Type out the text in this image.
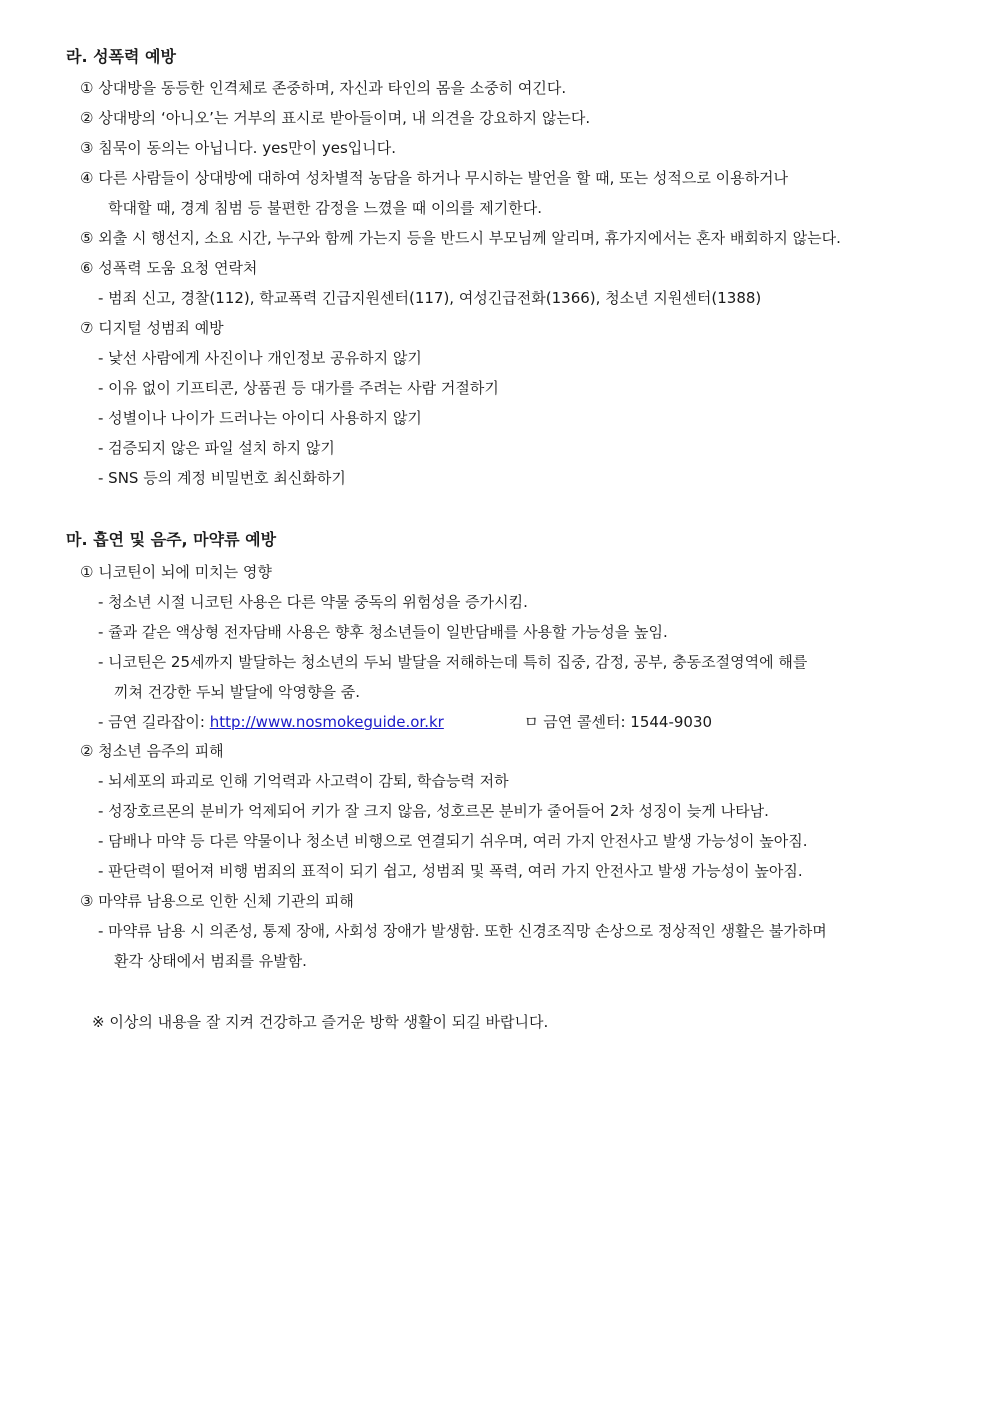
라. 성폭력 예방
① 상대방을 동등한 인격체로 존중하며, 자신과 타인의 몸을 소중히 여긴다.
② 상대방의 ‘아니오’는 거부의 표시로 받아들이며, 내 의견을 강요하지 않는다.
③ 침묵이 동의는 아닙니다. yes만이 yes입니다.
④ 다른 사람들이 상대방에 대하여 성차별적 농담을 하거나 무시하는 발언을 할 때, 또는 성적으로 이용하거나
학대할 때, 경계 침범 등 불편한 감정을 느꼈을 때 이의를 제기한다.
⑤ 외출 시 행선지, 소요 시간, 누구와 함께 가는지 등을 반드시 부모님께 알리며, 휴가지에서는 혼자 배회하지 않는다.
⑥ 성폭력 도움 요청 연락처
- 범죄 신고, 경찰(112), 학교폭력 긴급지원센터(117), 여성긴급전화(1366), 청소년 지원센터(1388)
⑦ 디지털 성범죄 예방
- 낯선 사람에게 사진이나 개인정보 공유하지 않기
- 이유 없이 기프티콘, 상품권 등 대가를 주려는 사람 거절하기
- 성별이나 나이가 드러나는 아이디 사용하지 않기
- 검증되지 않은 파일 설치 하지 않기
- SNS 등의 계정 비밀번호 최신화하기
마. 흡연 및 음주, 마약류 예방
① 니코틴이 뇌에 미치는 영향
- 청소년 시절 니코틴 사용은 다른 약물 중독의 위험성을 증가시킴.
- 쥴과 같은 액상형 전자담배 사용은 향후 청소년들이 일반담배를 사용할 가능성을 높임.
- 니코틴은 25세까지 발달하는 청소년의 두뇌 발달을 저해하는데 특히 집중, 감정, 공부, 충동조절영역에 해를
끼쳐 건강한 두뇌 발달에 악영향을 줌.
- 금연 길라잡이: http://www.nosmokeguide.or.kr	ㅁ 금연 콜센터: 1544-9030
② 청소년 음주의 피해
- 뇌세포의 파괴로 인해 기억력과 사고력이 감퇴, 학습능력 저하
- 성장호르몬의 분비가 억제되어 키가 잘 크지 않음, 성호르몬 분비가 줄어들어 2차 성징이 늦게 나타남.
- 담배나 마약 등 다른 약물이나 청소년 비행으로 연결되기 쉬우며, 여러 가지 안전사고 발생 가능성이 높아짐.
- 판단력이 떨어져 비행 범죄의 표적이 되기 쉽고, 성범죄 및 폭력, 여러 가지 안전사고 발생 가능성이 높아짐.
③ 마약류 남용으로 인한 신체 기관의 피해
- 마약류 남용 시 의존성, 통제 장애, 사회성 장애가 발생함. 또한 신경조직망 손상으로 정상적인 생활은 불가하며
환각 상태에서 범죄를 유발함.
※ 이상의 내용을 잘 지켜 건강하고 즐거운 방학 생활이 되길 바랍니다.
